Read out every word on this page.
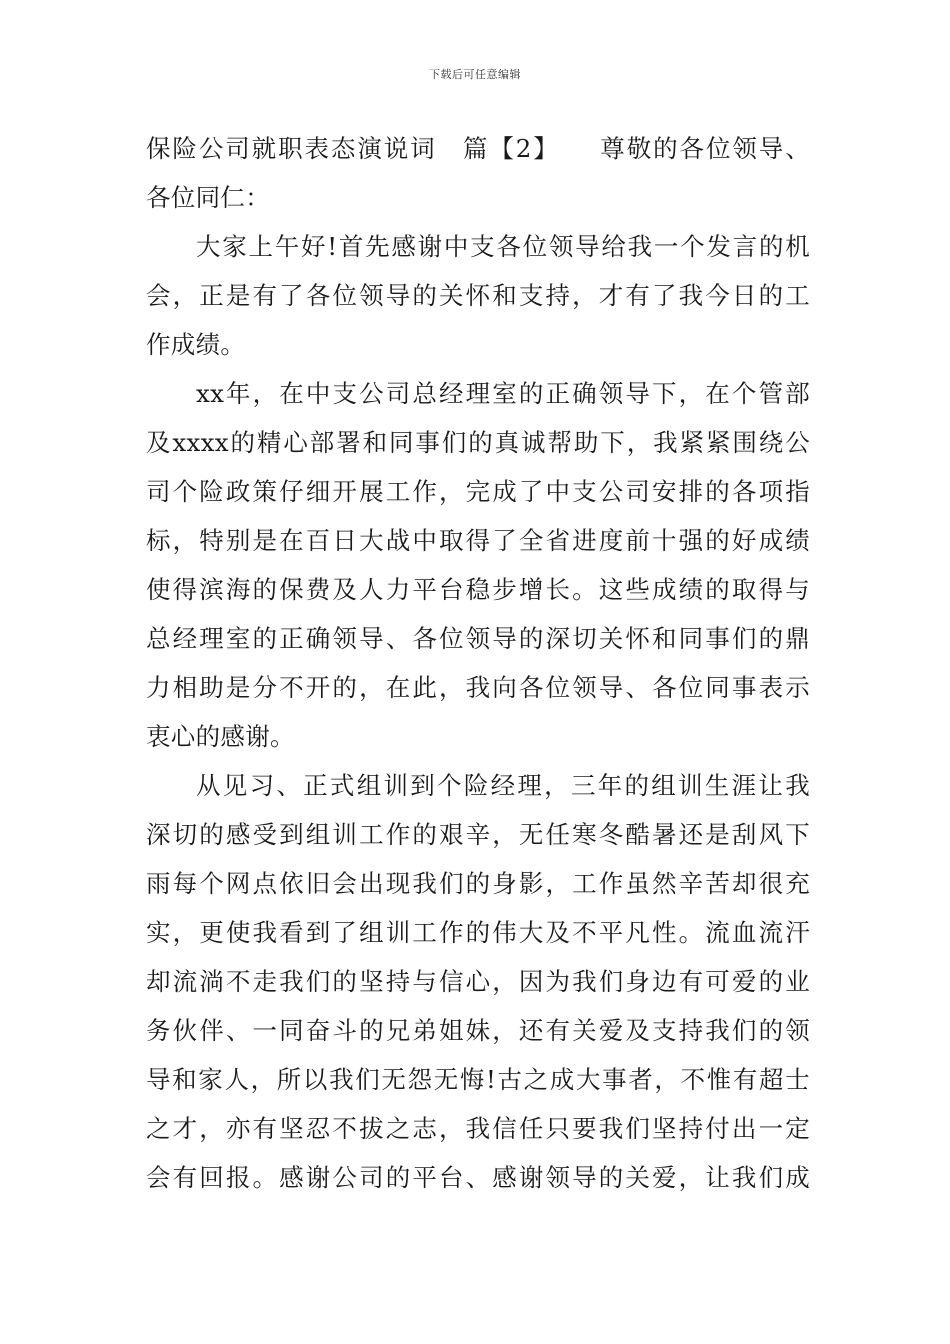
下载后可任意编辑
保险公司就职表态演说词　篇【2】　　尊敬的各位领导、
各位同仁：
大家上午好!首先感谢中支各位领导给我一个发言的机
会，正是有了各位领导的关怀和支持，才有了我今日的工
作成绩。
xx年，在中支公司总经理室的正确领导下，在个管部
及xxxx的精心部署和同事们的真诚帮助下，我紧紧围绕公
司个险政策仔细开展工作，完成了中支公司安排的各项指
标，特别是在百日大战中取得了全省进度前十强的好成绩
使得滨海的保费及人力平台稳步增长。这些成绩的取得与
总经理室的正确领导、各位领导的深切关怀和同事们的鼎
力相助是分不开的，在此，我向各位领导、各位同事表示
衷心的感谢。
从见习、正式组训到个险经理，三年的组训生涯让我
深切的感受到组训工作的艰辛，无任寒冬酷暑还是刮风下
雨每个网点依旧会出现我们的身影，工作虽然辛苦却很充
实，更使我看到了组训工作的伟大及不平凡性。流血流汗
却流淌不走我们的坚持与信心，因为我们身边有可爱的业
务伙伴、一同奋斗的兄弟姐妹，还有关爱及支持我们的领
导和家人，所以我们无怨无悔!古之成大事者，不惟有超士
之才，亦有坚忍不拔之志，我信任只要我们坚持付出一定
会有回报。感谢公司的平台、感谢领导的关爱，让我们成
